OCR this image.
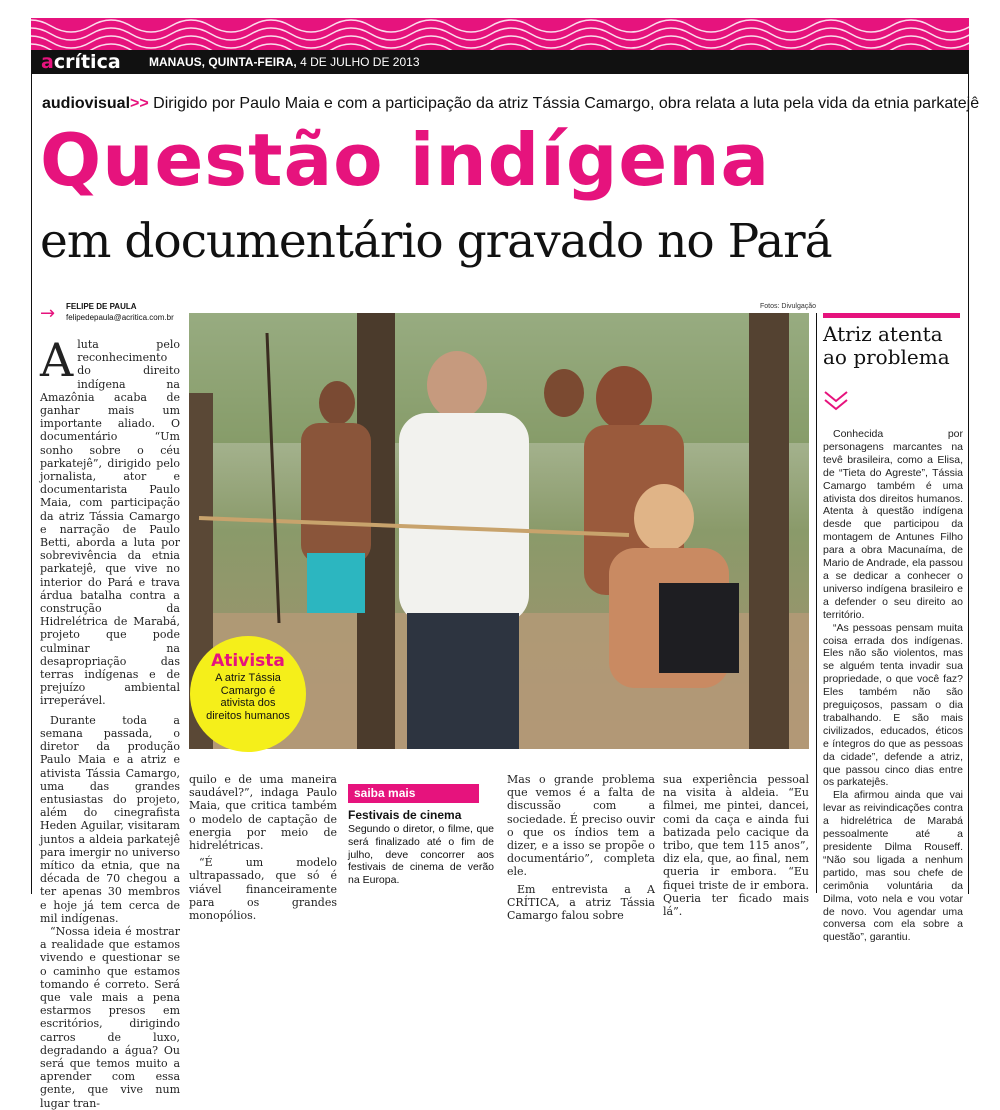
acrítica MANAUS, QUINTA-FEIRA, 4 DE JULHO DE 2013
audiovisual>> Dirigido por Paulo Maia e com a participação da atriz Tássia Camargo, obra relata a luta pela vida da etnia parkatejê
Questão indígena
em documentário gravado no Pará
→ FELIPE DE PAULA
felipedepaula@acritica.com.br
Fotos: Divulgação

Aluta pelo reconhecimento do direito indígena na Amazônia acaba de ganhar mais um importante aliado. O documentário “Um sonho sobre o céu parkatejê”, dirigido pelo jornalista, ator e documentarista Paulo Maia, com participação da atriz Tássia Camargo e narração de Paulo Betti, aborda a luta por sobrevivência da etnia parkatejê, que vive no interior do Pará e trava árdua batalha contra a construção da Hidrelétrica de Marabá, projeto que pode culminar na desapropriação das terras indígenas e de prejuízo ambiental irreperável.

Durante toda a semana passada, o diretor da produção Paulo Maia e a atriz e ativista Tássia Camargo, uma das grandes entusiastas do projeto, além do cinegrafista Heden Aguilar, visitaram juntos a aldeia parkatejê para imergir no universo mítico da etnia, que na década de 70 chegou a ter apenas 30 membros e hoje já tem cerca de mil indígenas.

“Nossa ideia é mostrar a realidade que estamos vivendo e questionar se o caminho que estamos tomando é correto. Será que vale mais a pena estarmos presos em escritórios, dirigindo carros de luxo, degradando a água? Ou será que temos muito a aprender com essa gente, que vive num lugar tran-

quilo e de uma maneira saudável?”, indaga Paulo Maia, que critica também o modelo de captação de energia por meio de hidrelétricas.

“É um modelo ultrapassado, que só é viável financeiramente para os grandes monopólios.

saiba mais
Festivais de cinema
Segundo o diretor, o filme, que será finalizado até o fim de julho, deve concorrer aos festivais de cinema de verão na Europa.

Mas o grande problema que vemos é a falta de discussão com a sociedade. É preciso ouvir o que os índios tem a dizer, e a isso se propõe o documentário”, completa ele.

Em entrevista a A CRÍTICA, a atriz Tássia Camargo falou sobre

sua experiência pessoal na visita à aldeia. “Eu filmei, me pintei, dancei, comi da caça e ainda fui batizada pelo cacique da tribo, que tem 115 anos”, diz ela, que, ao final, nem queria ir embora. “Eu fiquei triste de ir embora. Queria ter ficado mais lá”.

Ativista
A atriz Tássia Camargo é ativista dos direitos humanos
Atriz atenta ao problema

Conhecida por personagens marcantes na tevê brasileira, como a Elisa, de “Tieta do Agreste”, Tássia Camargo também é uma ativista dos direitos humanos. Atenta à questão indígena desde que participou da montagem de Antunes Filho para a obra Macunaíma, de Mario de Andrade, ela passou a se dedicar a conhecer o universo indígena brasileiro e a defender o seu direito ao território.

“As pessoas pensam muita coisa errada dos indígenas. Eles não são violentos, mas se alguém tenta invadir sua propriedade, o que você faz? Eles também não são preguiçosos, passam o dia trabalhando. E são mais civilizados, educados, éticos e íntegros do que as pessoas da cidade”, defende a atriz, que passou cinco dias entre os parkatejês.

Ela afirmou ainda que vai levar as reivindicações contra a hidrelétrica de Marabá pessoalmente até a presidente Dilma Rouseff. “Não sou ligada a nenhum partido, mas sou chefe de cerimônia voluntária da Dilma, voto nela e vou votar de novo. Vou agendar uma conversa com ela sobre a questão”, garantiu.
